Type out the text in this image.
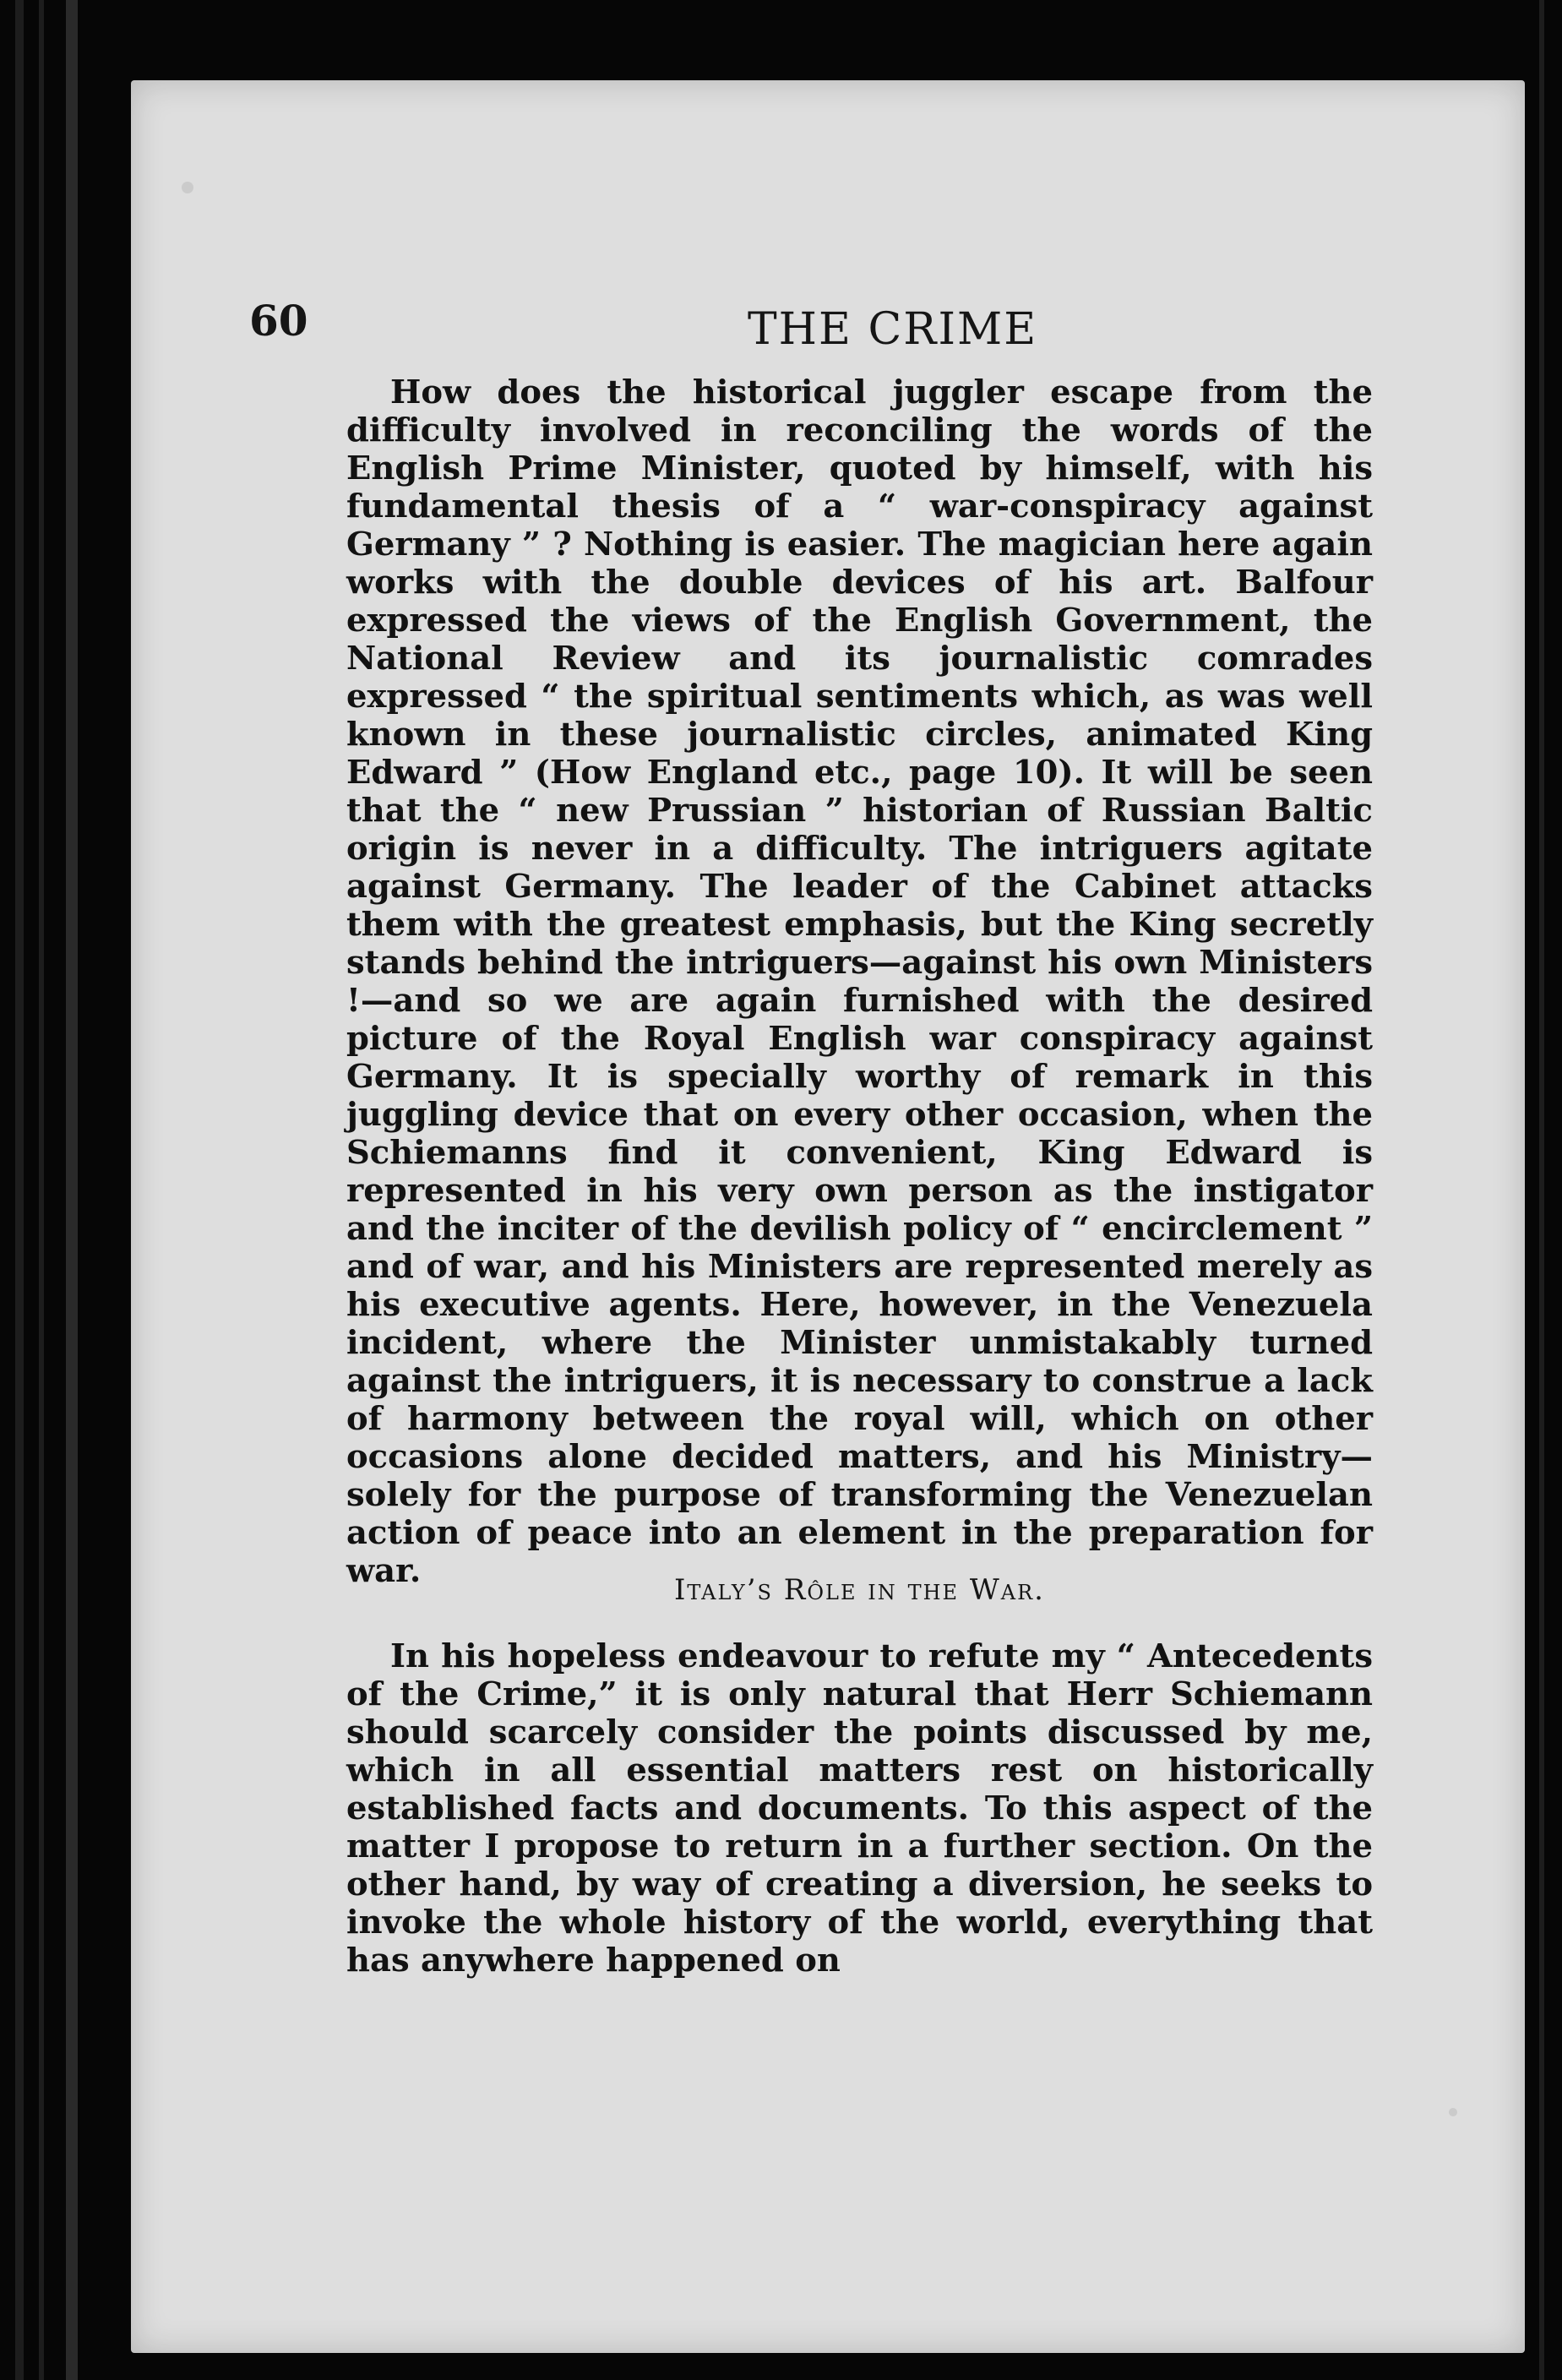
60	THE CRIME

How does the historical juggler escape from the difficulty involved in reconciling the words of the English Prime Minister, quoted by himself, with his fundamental thesis of a “ war-conspiracy against Germany ” ? Nothing is easier. The magician here again works with the double devices of his art. Balfour expressed the views of the English Government, the National Review and its journalistic comrades expressed “ the spiritual sentiments which, as was well known in these journalistic circles, animated King Edward ” (How England etc., page 10). It will be seen that the “ new Prussian ” historian of Russian Baltic origin is never in a difficulty. The intriguers agitate against Germany. The leader of the Cabinet attacks them with the greatest emphasis, but the King secretly stands behind the intriguers—against his own Ministers !—and so we are again furnished with the desired picture of the Royal English war conspiracy against Germany. It is specially worthy of remark in this juggling device that on every other occasion, when the Schiemanns find it convenient, King Edward is represented in his very own person as the instigator and the inciter of the devilish policy of “ encirclement ” and of war, and his Ministers are represented merely as his executive agents. Here, however, in the Venezuela incident, where the Minister unmistakably turned against the intriguers, it is necessary to construe a lack of harmony between the royal will, which on other occasions alone decided matters, and his Ministry—solely for the purpose of transforming the Venezuelan action of peace into an element in the preparation for war.	Italy’s Rôle in the War.

In his hopeless endeavour to refute my “ Antecedents of the Crime,” it is only natural that Herr Schiemann should scarcely consider the points discussed by me, which in all essential matters rest on historically established facts and documents. To this aspect of the matter I propose to return in a further section. On the other hand, by way of creating a diversion, he seeks to invoke the whole history of the world, everything that has anywhere happened on
